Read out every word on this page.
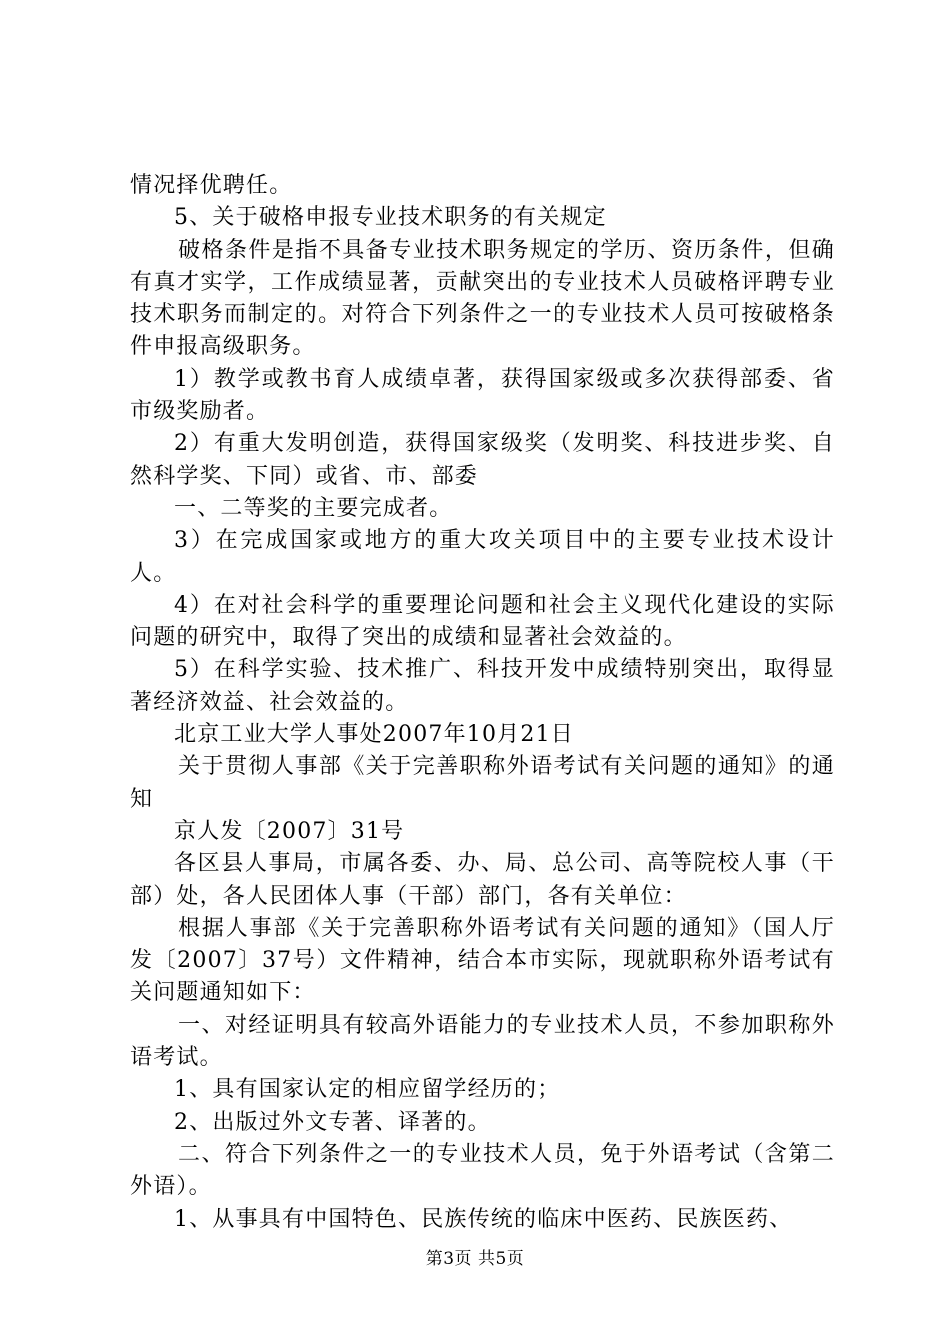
情况择优聘任。

5、关于破格申报专业技术职务的有关规定

破格条件是指不具备专业技术职务规定的学历、资历条件，但确有真才实学，工作成绩显著，贡献突出的专业技术人员破格评聘专业技术职务而制定的。对符合下列条件之一的专业技术人员可按破格条件申报高级职务。

1）教学或教书育人成绩卓著，获得国家级或多次获得部委、省市级奖励者。

2）有重大发明创造，获得国家级奖（发明奖、科技进步奖、自然科学奖、下同）或省、市、部委

一、二等奖的主要完成者。

3）在完成国家或地方的重大攻关项目中的主要专业技术设计人。

4）在对社会科学的重要理论问题和社会主义现代化建设的实际问题的研究中，取得了突出的成绩和显著社会效益的。

5）在科学实验、技术推广、科技开发中成绩特别突出，取得显著经济效益、社会效益的。

北京工业大学人事处2007年10月21日

关于贯彻人事部《关于完善职称外语考试有关问题的通知》的通知

京人发〔2007〕31号

各区县人事局，市属各委、办、局、总公司、高等院校人事（干部）处，各人民团体人事（干部）部门，各有关单位：

根据人事部《关于完善职称外语考试有关问题的通知》（国人厅发〔2007〕37号）文件精神，结合本市实际，现就职称外语考试有关问题通知如下：

一、对经证明具有较高外语能力的专业技术人员，不参加职称外语考试。

1、具有国家认定的相应留学经历的；

2、出版过外文专著、译著的。

二、符合下列条件之一的专业技术人员，免于外语考试（含第二外语）。

1、从事具有中国特色、民族传统的临床中医药、民族医药、

第3页 共5页
